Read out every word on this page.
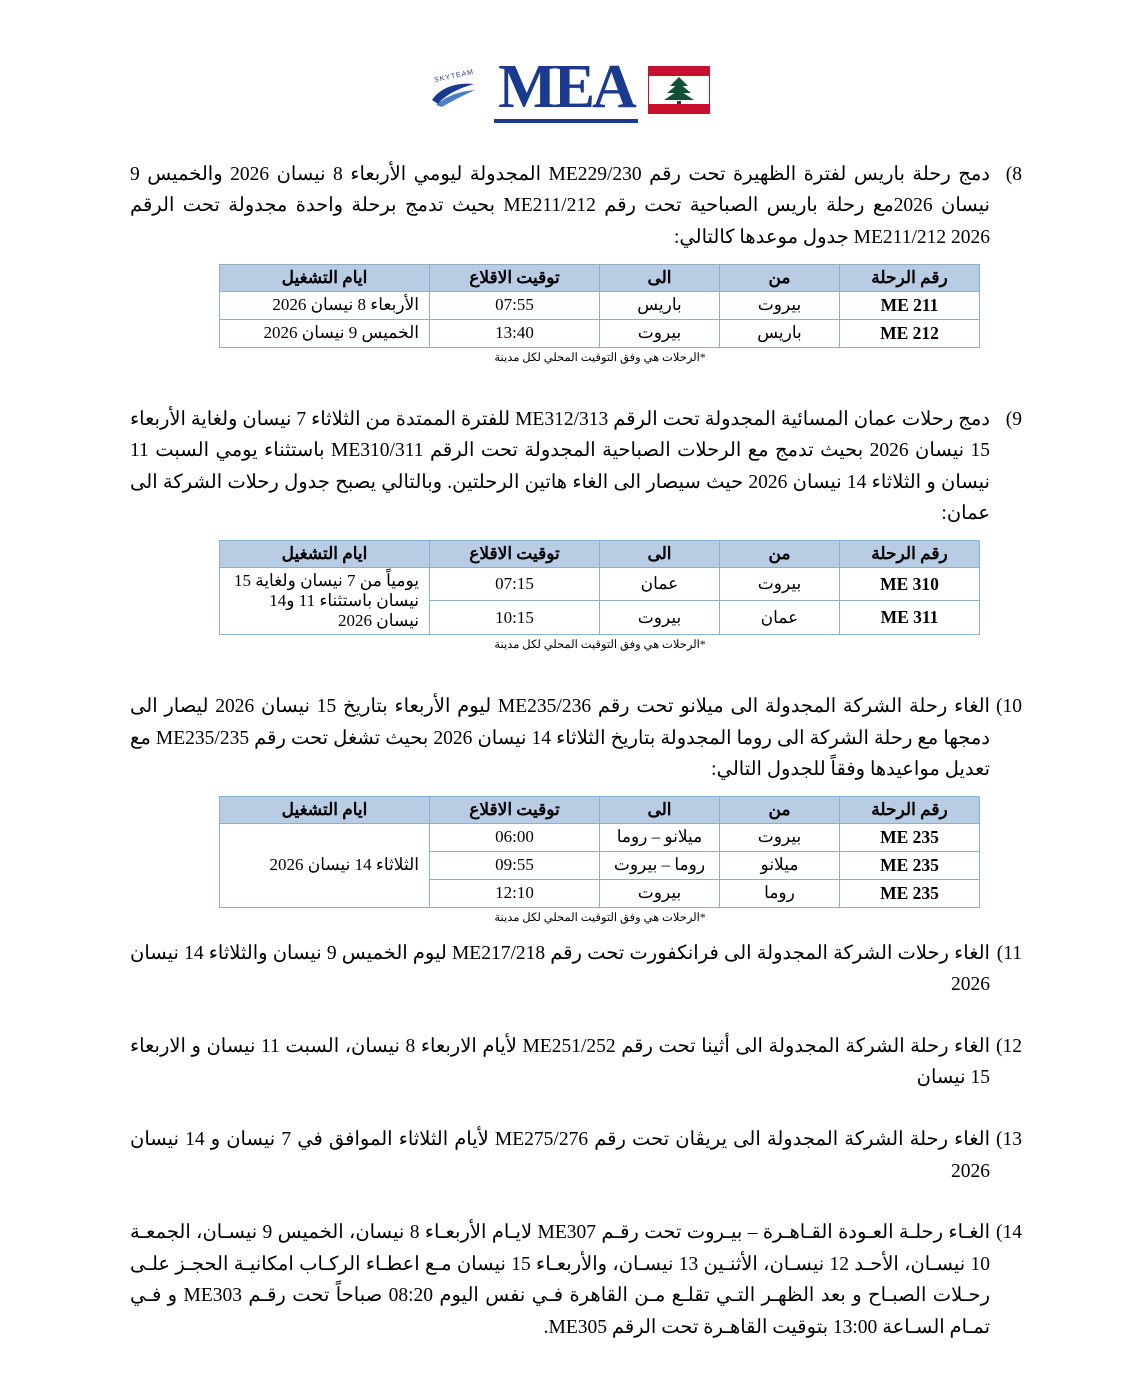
MEA
SKYTEAM

8)
دمج رحلة باريس لفترة الظهيرة تحت رقم ME229/230 المجدولة ليومي الأربعاء 8 نيسان 2026 والخميس 9 نيسان 2026مع رحلة باريس الصباحية تحت رقم ME211/212 بحيث تدمج برحلة واحدة مجدولة تحت الرقم ME211/212 2026 جدول موعدها كالتالي:

رقم الرحلة	من	الى	توقيت الاقلاع	ايام التشغيل
ME 211	بيروت	باريس	07:55	الأربعاء 8 نيسان 2026
ME 212	باريس	بيروت	13:40	الخميس 9 نيسان 2026
*الرحلات هي وفق التوقيت المحلي لكل مدينة

9)
دمج رحلات عمان المسائية المجدولة تحت الرقم ME312/313 للفترة الممتدة من الثلاثاء 7 نيسان ولغاية الأربعاء 15 نيسان 2026 بحيث تدمج مع الرحلات الصباحية المجدولة تحت الرقم ME310/311 باستثناء يومي السبت 11 نيسان و الثلاثاء 14 نيسان 2026 حيث سيصار الى الغاء هاتين الرحلتين. وبالتالي يصبح جدول رحلات الشركة الى عمان:

رقم الرحلة	من	الى	توقيت الاقلاع	ايام التشغيل
ME 310	بيروت	عمان	07:15	يومياً من 7 نيسان ولغاية 15 نيسان باستثناء 11 و14 نيسان 2026
ME 311	عمان	بيروت	10:15	
*الرحلات هي وفق التوقيت المحلي لكل مدينة

10)
الغاء رحلة الشركة المجدولة الى ميلانو تحت رقم ME235/236 ليوم الأربعاء بتاريخ 15 نيسان 2026 ليصار الى دمجها مع رحلة الشركة الى روما المجدولة بتاريخ الثلاثاء 14 نيسان 2026 بحيث تشغل تحت رقم ME235/235 مع تعديل مواعيدها وفقاً للجدول التالي:

رقم الرحلة	من	الى	توقيت الاقلاع	ايام التشغيل
ME 235	بيروت	ميلانو – روما	06:00	الثلاثاء 14 نيسان 2026
ME 235	ميلانو	روما – بيروت	09:55	
ME 235	روما	بيروت	12:10	
*الرحلات هي وفق التوقيت المحلي لكل مدينة

11)
الغاء رحلات الشركة المجدولة الى فرانكفورت تحت رقم ME217/218 ليوم الخميس 9 نيسان والثلاثاء 14 نيسان 2026

12)
الغاء رحلة الشركة المجدولة الى أثينا تحت رقم ME251/252 لأيام الاربعاء 8 نيسان، السبت 11 نيسان و الاربعاء 15 نيسان

13)
الغاء رحلة الشركة المجدولة الى يريڤان تحت رقم ME275/276 لأيام الثلاثاء الموافق في 7 نيسان و 14 نيسان 2026

14)
الغـاء رحلـة العـودة القـاهـرة – بيـروت تحت رقـم ME307 لايـام الأربعـاء 8 نيسان، الخميس 9 نيسـان، الجمعـة 10 نيسـان، الأحـد 12 نيسـان، الأثنـين 13 نيسـان، والأربعـاء 15 نيسان مـع اعطـاء الركـاب امكانيـة الحجـز علـى رحـلات الصبـاح و بعد الظهـر التـي تقلـع مـن القاهرة فـي نفس اليوم 08:20 صباحاً تحت رقـم ME303 و فـي تمـام السـاعة 13:00 بتوقيت القاهـرة تحت الرقم ME305.
